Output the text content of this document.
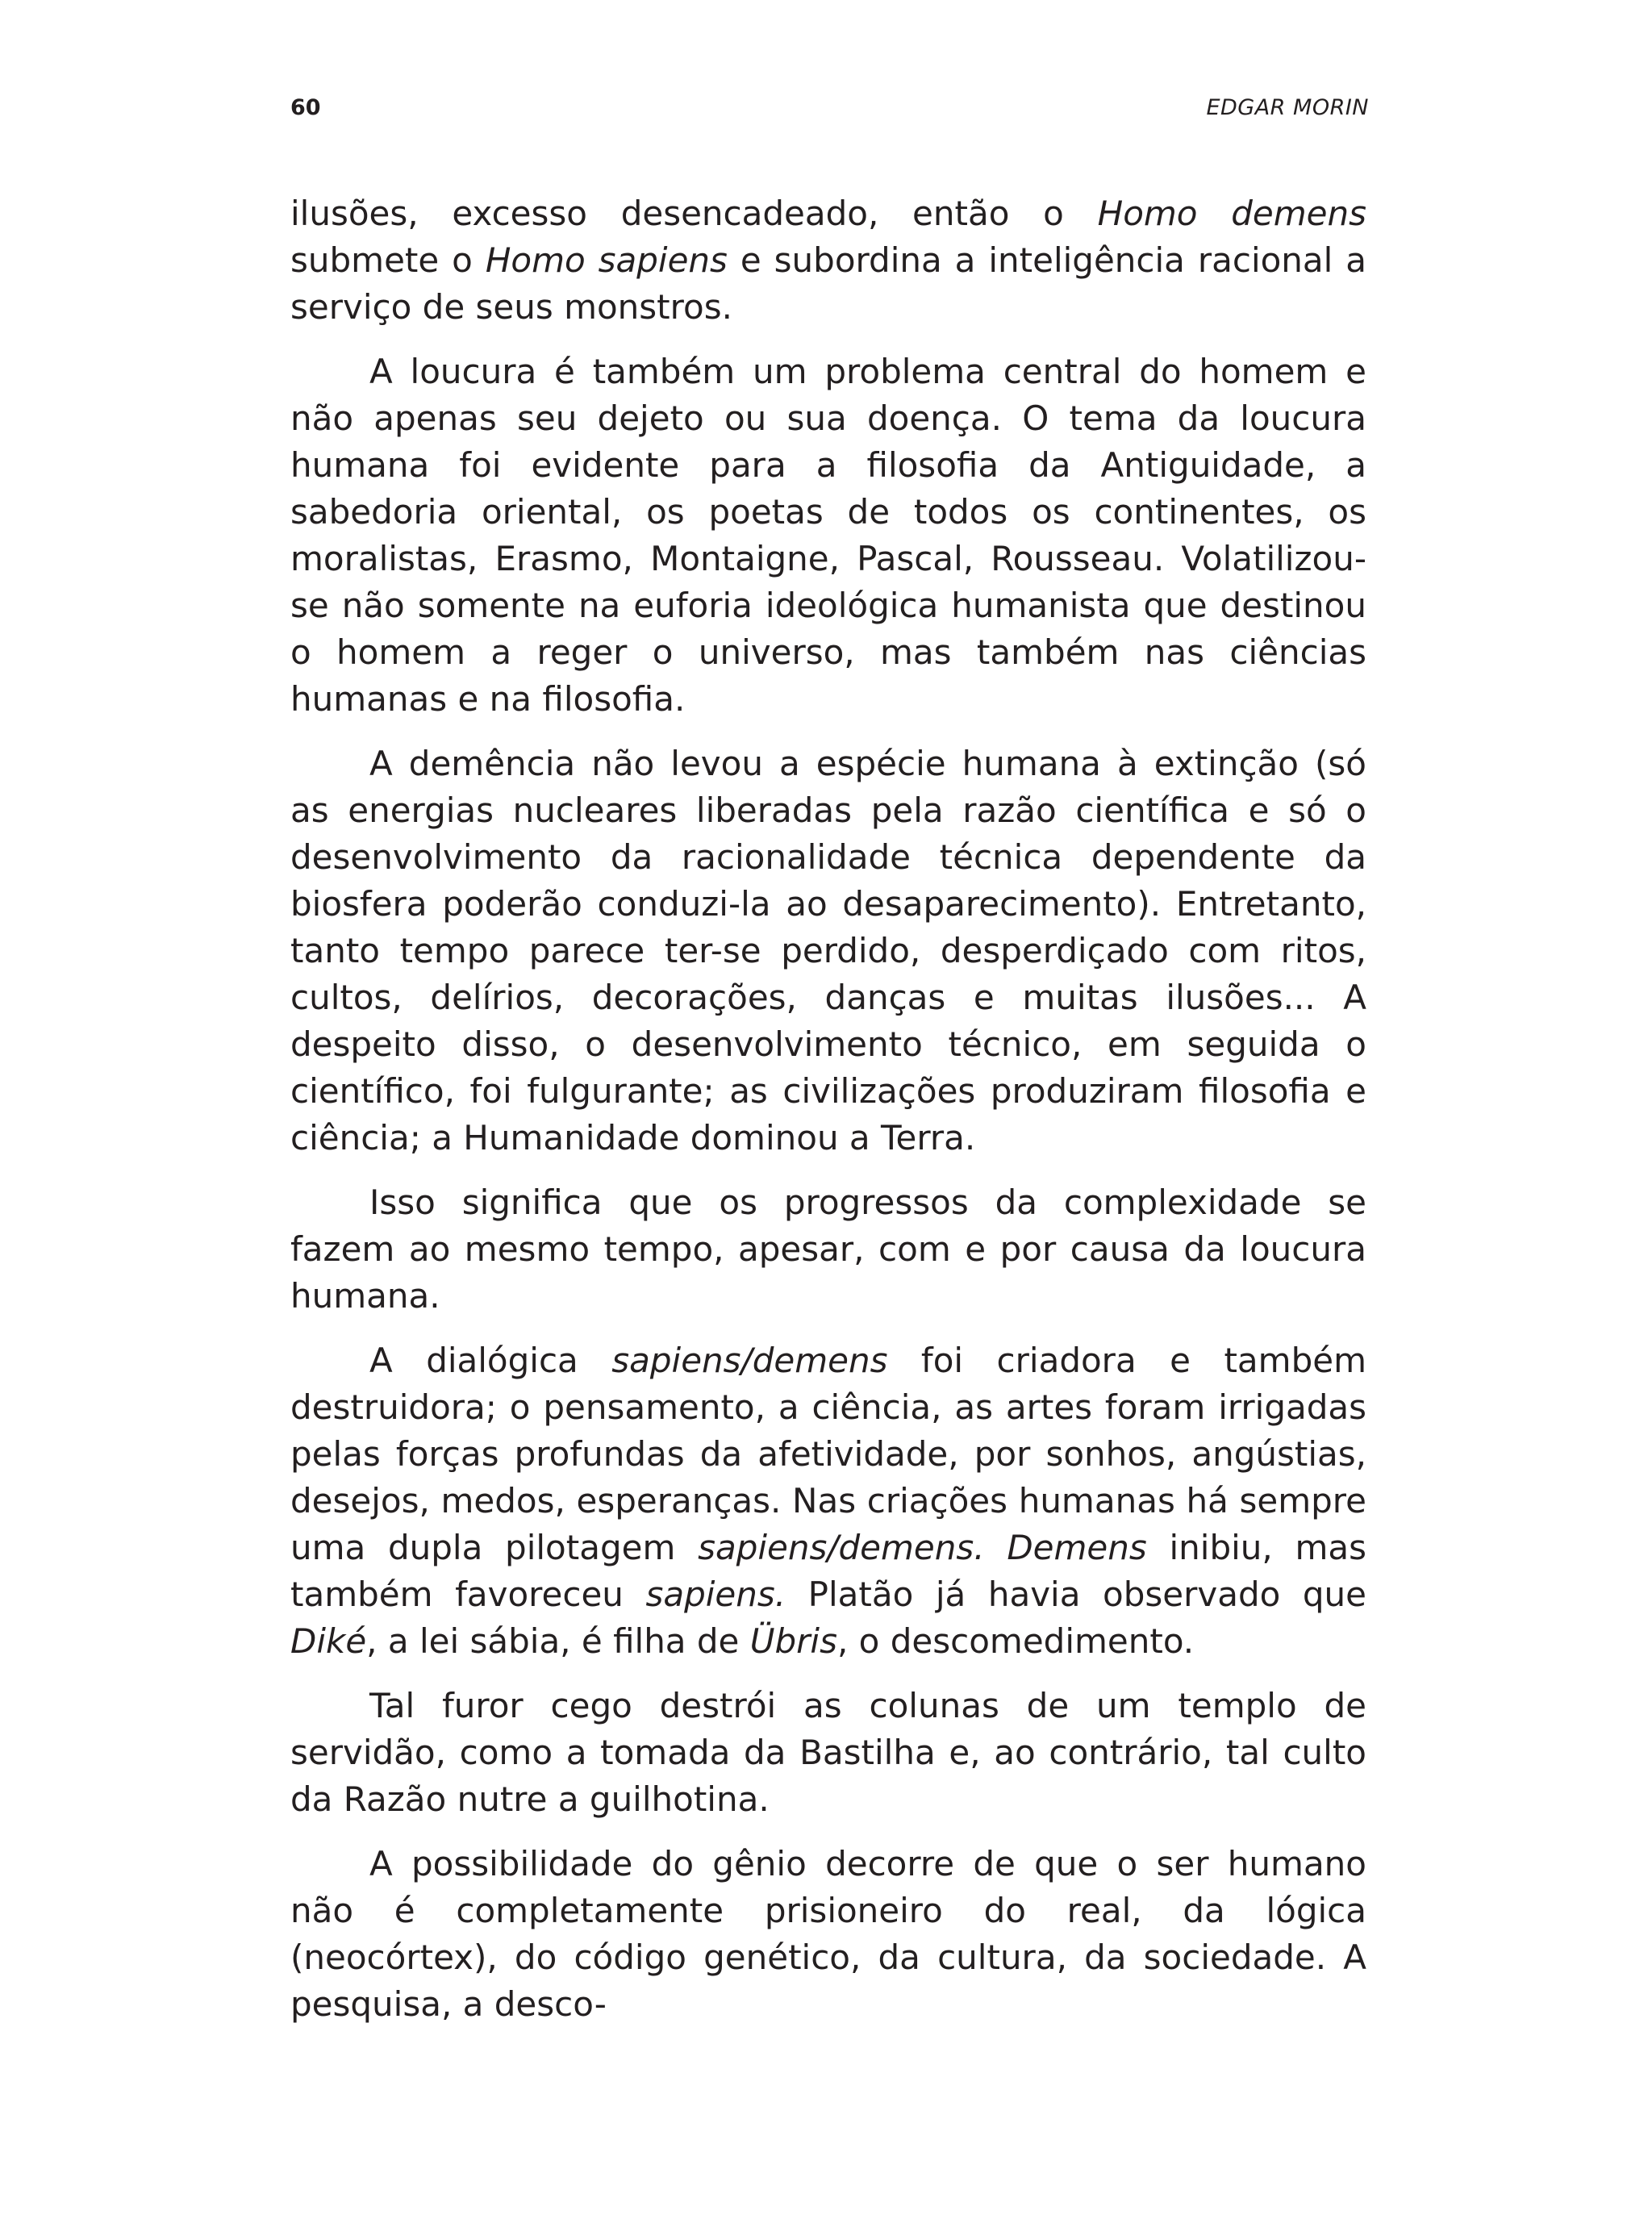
60	EDGAR MORIN

ilusões, excesso desencadeado, então o Homo demens submete o Homo sapiens e subordina a inteligência racional a serviço de seus monstros.

A loucura é também um problema central do homem e não apenas seu dejeto ou sua doença. O tema da loucura humana foi evidente para a filosofia da Antiguidade, a sabedoria oriental, os poetas de todos os continentes, os moralistas, Erasmo, Montaigne, Pascal, Rousseau. Volatilizou-se não somente na euforia ideológica humanista que destinou o homem a reger o universo, mas também nas ciências humanas e na filosofia.

A demência não levou a espécie humana à extinção (só as energias nucleares liberadas pela razão científica e só o desenvolvimento da racionalidade técnica dependente da biosfera poderão conduzi-la ao desaparecimento). Entretanto, tanto tempo parece ter-se perdido, desperdiçado com ritos, cultos, delírios, decorações, danças e muitas ilusões... A despeito disso, o desenvolvimento técnico, em seguida o científico, foi fulgurante; as civilizações produziram filosofia e ciência; a Humanidade dominou a Terra.

Isso significa que os progressos da complexidade se fazem ao mesmo tempo, apesar, com e por causa da loucura humana.

A dialógica sapiens/demens foi criadora e também destruidora; o pensamento, a ciência, as artes foram irrigadas pelas forças profundas da afetividade, por sonhos, angústias, desejos, medos, esperanças. Nas criações humanas há sempre uma dupla pilotagem sapiens/demens. Demens inibiu, mas também favoreceu sapiens. Platão já havia observado que Diké, a lei sábia, é filha de Übris, o descomedimento.

Tal furor cego destrói as colunas de um templo de servidão, como a tomada da Bastilha e, ao contrário, tal culto da Razão nutre a guilhotina.

A possibilidade do gênio decorre de que o ser humano não é completamente prisioneiro do real, da lógica (neocórtex), do código genético, da cultura, da sociedade. A pesquisa, a desco-
